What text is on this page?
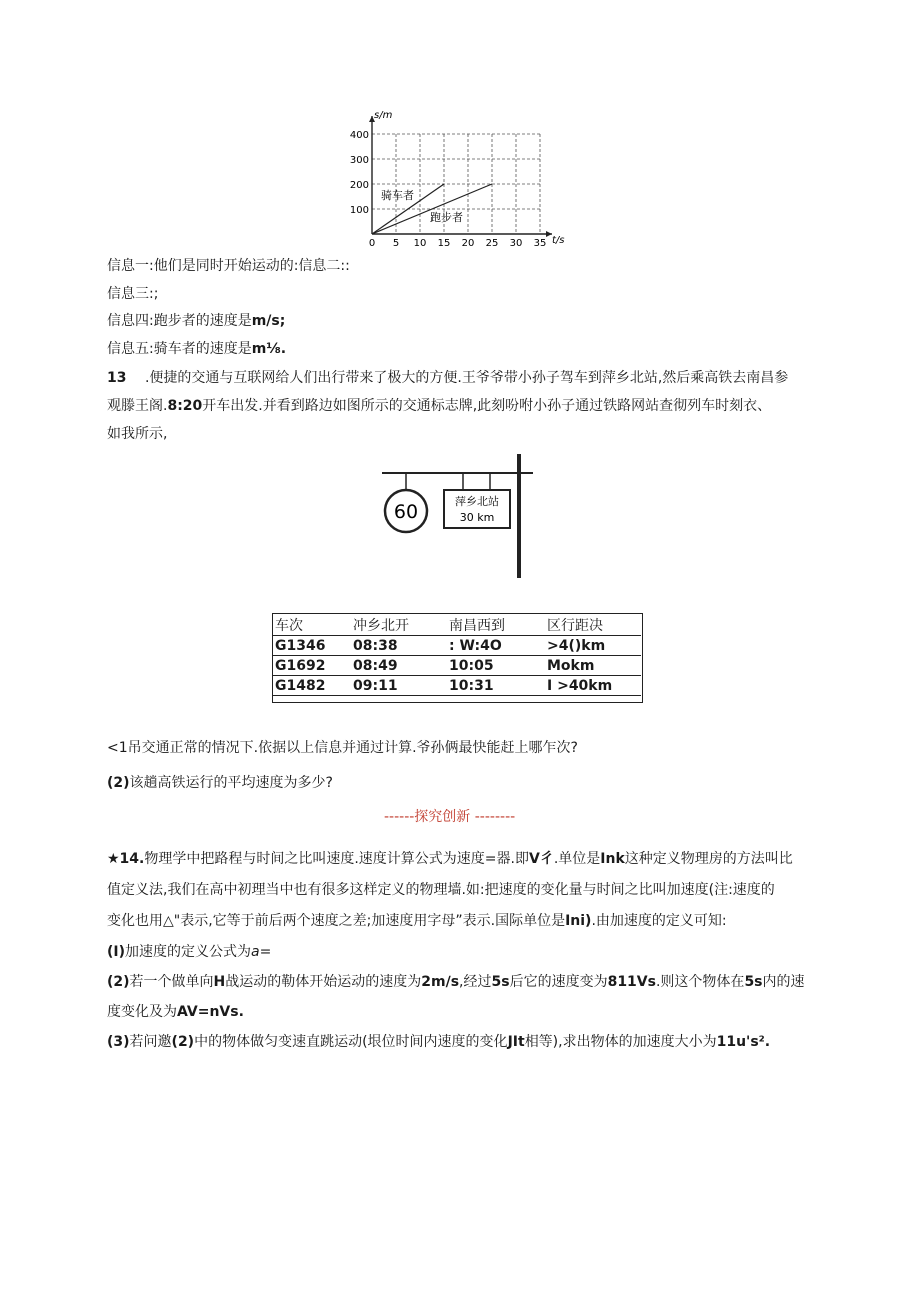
0 5 10 15 20 25 30 35
100
200
300
400
s/m
t/s
骑车者
跑步者
信息一:他们是同时开始运动的:信息二::
信息三:;
信息四:跑步者的速度是m/s;
信息五:骑车者的速度是m⅛.
13 .便捷的交通与互联网给人们出行带来了极大的方便.王爷爷带小孙子驾车到萍乡北站,然后乘高铁去南昌参
观滕王阁.8:20开车出发.并看到路边如图所示的交通标志牌,此刻吩咐小孙子通过铁路网站查彻列车时刻衣、
如我所示,
60	萍乡北站
30 km
车次	冲乡北开	南昌西到	区行距决
G1346	08:38	: W:4O	>4()km
G1692	08:49	10:05	Mokm
G1482	09:11	10:31	I >40km
<1吊交通正常的情况下.依据以上信息并通过计算.爷孙俩最快能赶上哪乍次?
(2)该趟高铁运行的平均速度为多少?
------探究创新 --------
★14.物理学中把路程与时间之比叫速度.速度计算公式为速度=器.即V彳.单位是Ink这种定义物理房的方法叫比
值定义法,我们在高中初理当中也有很多这样定义的物理墙.如:把速度的变化量与时间之比叫加速度(注:速度的
变化也用△"表示,它等于前后两个速度之差;加速度用字母”表示.国际单位是Ini).由加速度的定义可知:
(I)加速度的定义公式为a=
(2)若一个做单向H战运动的勒体开始运动的速度为2m∕s,经过5s后它的速度变为811Vs.则这个物体在5s内的速
度变化及为AV=nVs.
(3)若问邀(2)中的物体做匀变速直跳运动(垠位时间内速度的变化JIt相等),求出物体的加速度大小为11u's².
